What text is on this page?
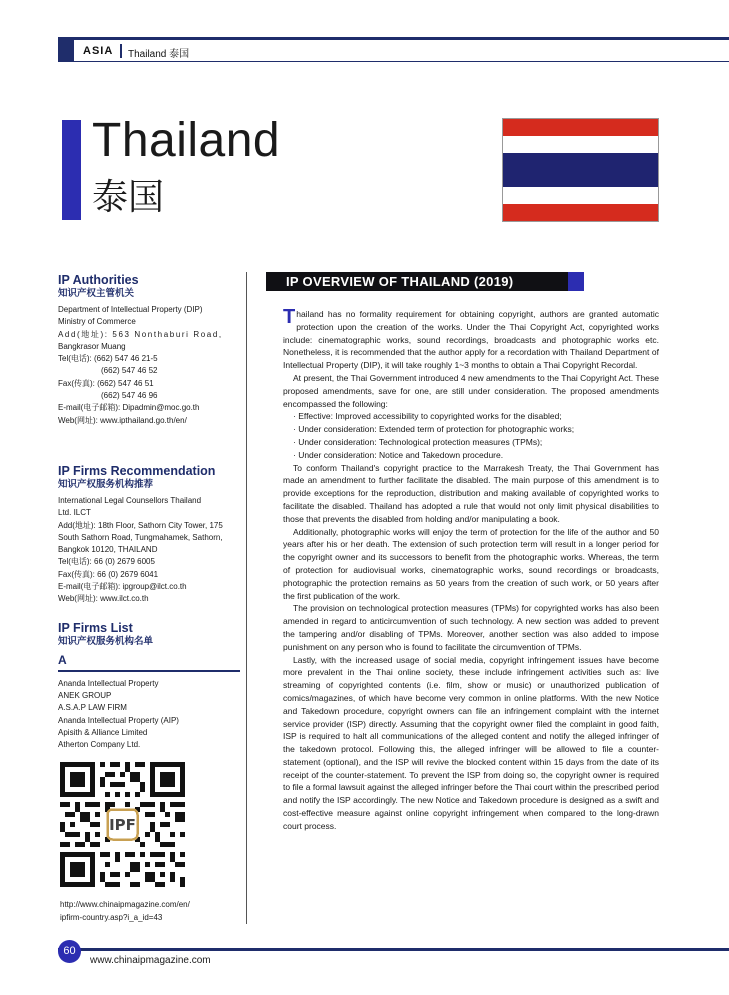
ASIA Thailand 泰国
Thailand
泰国

IP Authorities

知识产权主管机关

Department of Intellectual Property (DIP)
Ministry of Commerce
Add(地址): 563 Nonthaburi Road,
Bangkrasor Muang
Tel(电话): (662) 547 46 21-5
(662) 547 46 52
Fax(传真): (662) 547 46 51
(662) 547 46 96
E-mail(电子邮箱): Dipadmin@moc.go.th
Web(网址): www.ipthailand.go.th/en/

IP Firms Recommendation

知识产权服务机构推荐

International Legal Counsellors Thailand
Ltd. ILCT
Add(地址): 18th Floor, Sathorn City Tower, 175
South Sathorn Road, Tungmahamek, Sathorn,
Bangkok 10120, THAILAND
Tel(电话): 66 (0) 2679 6005
Fax(传真): 66 (0) 2679 6041
E-mail(电子邮箱): ipgroup@ilct.co.th
Web(网址): www.ilct.co.th

IP Firms List

知识产权服务机构名单

A
Ananda Intellectual Property
ANEK GROUP
A.S.A.P LAW FIRM
Ananda Intellectual Property (AIP)
Apisith & Alliance Limited
Atherton Company Ltd.
IPF
http://www.chinaipmagazine.com/en/
ipfirm-country.asp?i_a_id=43
IP OVERVIEW OF THAILAND (2019)

Thailand has no formality requirement for obtaining copyright, authors are granted automatic protection upon the creation of the works. Under the Thai Copyright Act, copyrighted works include: cinematographic works, sound recordings, broadcasts and photographic works etc. Nonetheless, it is recommended that the author apply for a recordation with Thailand Department of Intellectual Property (DIP), it will take roughly 1~3 months to obtain a Thai Copyright Recordal.

At present, the Thai Government introduced 4 new amendments to the Thai Copyright Act. These proposed amendments, save for one, are still under consideration. The proposed amendments encompassed the following:

· Effective: Improved accessibility to copyrighted works for the disabled;

· Under consideration: Extended term of protection for photographic works;

· Under consideration: Technological protection measures (TPMs);

· Under consideration: Notice and Takedown procedure.

To conform Thailand's copyright practice to the Marrakesh Treaty, the Thai Government has made an amendment to further facilitate the disabled. The main purpose of this amendment is to provide exceptions for the reproduction, distribution and making available of copyrighted works to facilitate the disabled. Thailand has adopted a rule that would not only limit physical disabilities to those that prevents the disabled from holding and/or manipulating a book.

Additionally, photographic works will enjoy the term of protection for the life of the author and 50 years after his or her death. The extension of such protection term will result in a longer period for the copyright owner and its successors to benefit from the photographic works. Whereas, the term of protection for audiovisual works, cinematographic works, sound recordings or broadcasts, photographic the protection remains as 50 years from the creation of such work, or 50 years after the first publication of the work.

The provision on technological protection measures (TPMs) for copyrighted works has also been amended in regard to anticircumvention of such technology. A new section was added to prevent the tampering and/or disabling of TPMs. Moreover, another section was also added to impose punishment on any person who is found to facilitate the circumvention of TPMs.

Lastly, with the increased usage of social media, copyright infringement issues have become more prevalent in the Thai online society, these include infringement activities such as: live streaming of copyrighted contents (i.e. film, show or music) or unauthorized publication of comics/magazines, of which have become very common in online platforms. With the new Notice and Takedown procedure, copyright owners can file an infringement complaint with the internet service provider (ISP) directly. Assuming that the copyright owner filed the complaint in good faith, ISP is required to halt all communications of the alleged content and notify the alleged infringer of the takedown protocol. Following this, the alleged infringer will be allowed to file a counter-statement (optional), and the ISP will revive the blocked content within 15 days from the date of its receipt of the counter-statement. To prevent the ISP from doing so, the copyright owner is required to file a formal lawsuit against the alleged infringer before the Thai court within the prescribed period and notify the ISP accordingly. The new Notice and Takedown procedure is designed as a swift and cost-effective measure against online copyright infringement when compared to the long-drawn court process.

60
www.chinaipmagazine.com
